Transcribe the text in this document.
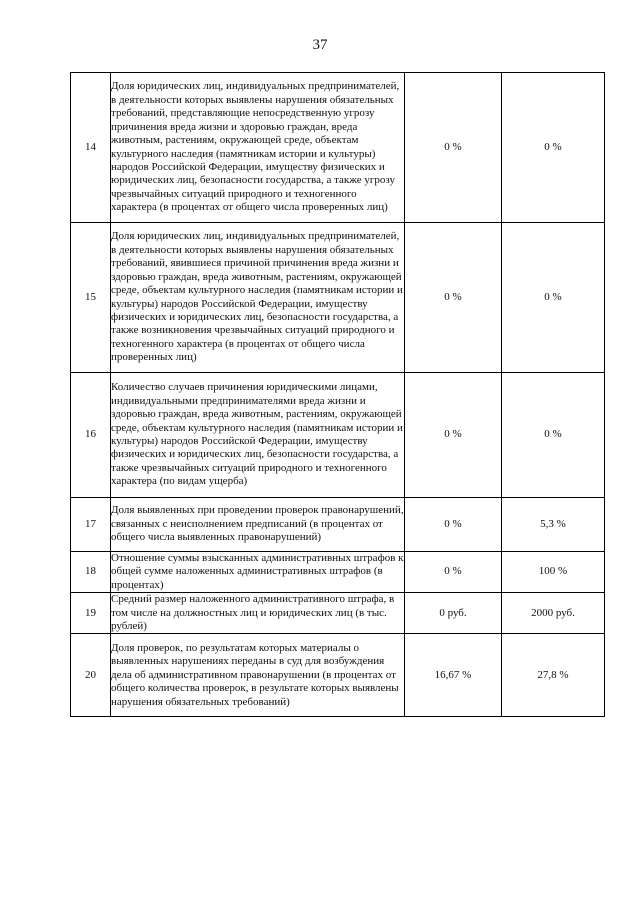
37
14	Доля юридических лиц, индивидуальных предпринимателей, в деятельности которых выявлены нарушения обязательных требований, представляющие непосредственную угрозу причинения вреда жизни и здоровью граждан, вреда животным, растениям, окружающей среде, объектам культурного наследия (памятникам истории и культуры) народов Российской Федерации, имуществу физических и юридических лиц, безопасности государства, а также угрозу чрезвычайных ситуаций природного и техногенного характера (в процентах от общего числа проверенных лиц)	0 %	0 %
15	Доля юридических лиц, индивидуальных предпринимателей, в деятельности которых выявлены нарушения обязательных требований, явившиеся причиной причинения вреда жизни и здоровью граждан, вреда животным, растениям, окружающей среде, объектам культурного наследия (памятникам истории и культуры) народов Российской Федерации, имуществу физических и юридических лиц, безопасности государства, а также возникновения чрезвычайных ситуаций природного и техногенного характера (в процентах от общего числа проверенных лиц)	0 %	0 %
16	Количество случаев причинения юридическими лицами, индивидуальными предпринимателями вреда жизни и здоровью граждан, вреда животным, растениям, окружающей среде, объектам культурного наследия (памятникам истории и культуры) народов Российской Федерации, имуществу физических и юридических лиц, безопасности государства, а также чрезвычайных ситуаций природного и техногенного характера (по видам ущерба)	0 %	0 %
17	Доля выявленных при проведении проверок правонарушений, связанных с неисполнением предписаний (в процентах от общего числа выявленных правонарушений)	0 %	5,3 %
18	Отношение суммы взысканных административных штрафов к общей сумме наложенных административных штрафов (в процентах)	0 %	100 %
19	Средний размер наложенного административного штрафа, в том числе на должностных лиц и юридических лиц (в тыс. рублей)	0 руб.	2000 руб.
20	Доля проверок, по результатам которых материалы о выявленных нарушениях переданы в суд для возбуждения дела об административном правонарушении (в процентах от общего количества проверок, в результате которых выявлены нарушения обязательных требований)	16,67 %	27,8 %
